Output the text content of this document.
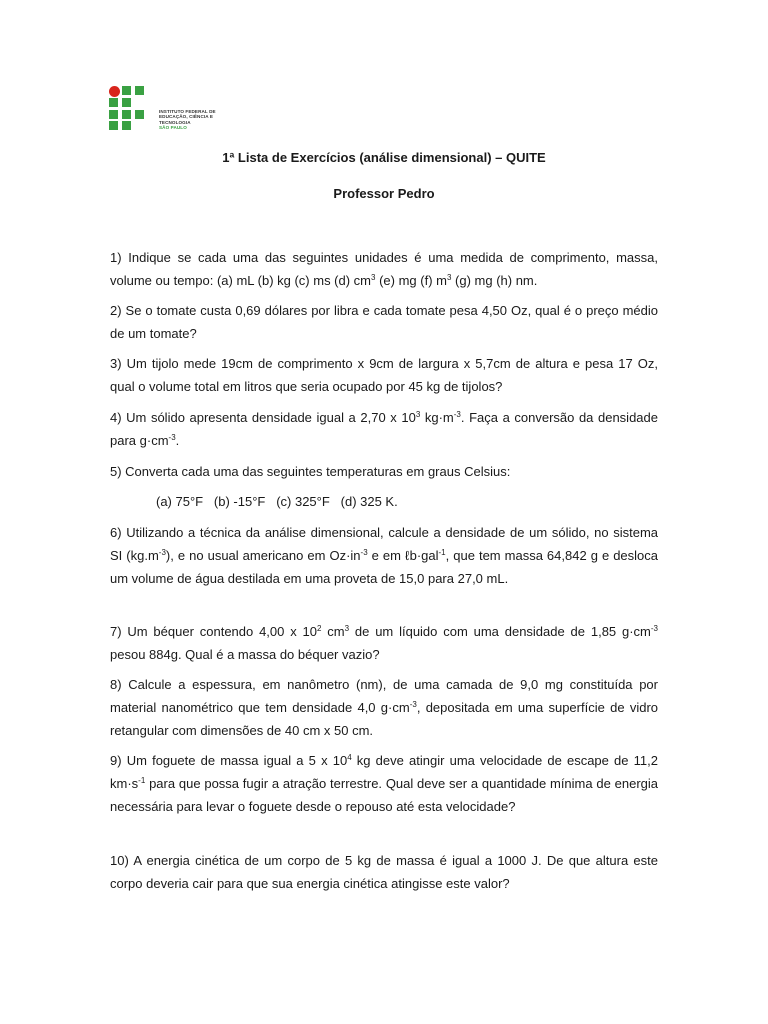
INSTITUTO FEDERAL DE
EDUCAÇÃO, CIÊNCIA E TECNOLOGIA
SÃO PAULO
1ª Lista de Exercícios (análise dimensional) – QUITE
Professor Pedro
1) Indique se cada uma das seguintes unidades é uma medida de comprimento, massa, volume ou tempo: (a) mL (b) kg (c) ms (d) $cm^3$ (e) mg (f) $m^3$ (g) mg (h) nm.
2) Se o tomate custa 0,69 dólares por libra e cada tomate pesa 4,50 Oz, qual é o preço médio de um tomate?
3) Um tijolo mede 19cm de comprimento x 9cm de largura x 5,7cm de altura e pesa 17 Oz, qual o volume total em litros que seria ocupado por 45 kg de tijolos?
4) Um sólido apresenta densidade igual a 2,70 x $10^3$ $kg\cdot m^{-3}$. Faça a conversão da densidade para $g\cdot cm^{-3}$.
5) Converta cada uma das seguintes temperaturas em graus Celsius:
(a) 75°F   (b) -15°F   (c) 325°F   (d) 325 K.
6) Utilizando a técnica da análise dimensional, calcule a densidade de um sólido, no sistema SI $(kg.m^{-3})$, e no usual americano em $Oz\cdot in^{-3}$ e em ℓb·gal$^{-1}$, que tem massa 64,842 g e desloca um volume de água destilada em uma proveta de 15,0 para 27,0 mL.
7) Um béquer contendo 4,00 x $10^2$ $cm^3$ de um líquido com uma densidade de 1,85 $g\cdot cm^{-3}$ pesou 884g. Qual é a massa do béquer vazio?
8) Calcule a espessura, em nanômetro (nm), de uma camada de 9,0 mg constituída por material nanométrico que tem densidade 4,0 $g\cdot cm^{-3}$, depositada em uma superfície de vidro retangular com dimensões de 40 cm x 50 cm.
9) Um foguete de massa igual a 5 x $10^4$ kg deve atingir uma velocidade de escape de 11,2 $km\cdot s^{-1}$ para que possa fugir a atração terrestre. Qual deve ser a quantidade mínima de energia necessária para levar o foguete desde o repouso até esta velocidade?
10) A energia cinética de um corpo de 5 kg de massa é igual a 1000 J. De que altura este corpo deveria cair para que sua energia cinética atingisse este valor?
